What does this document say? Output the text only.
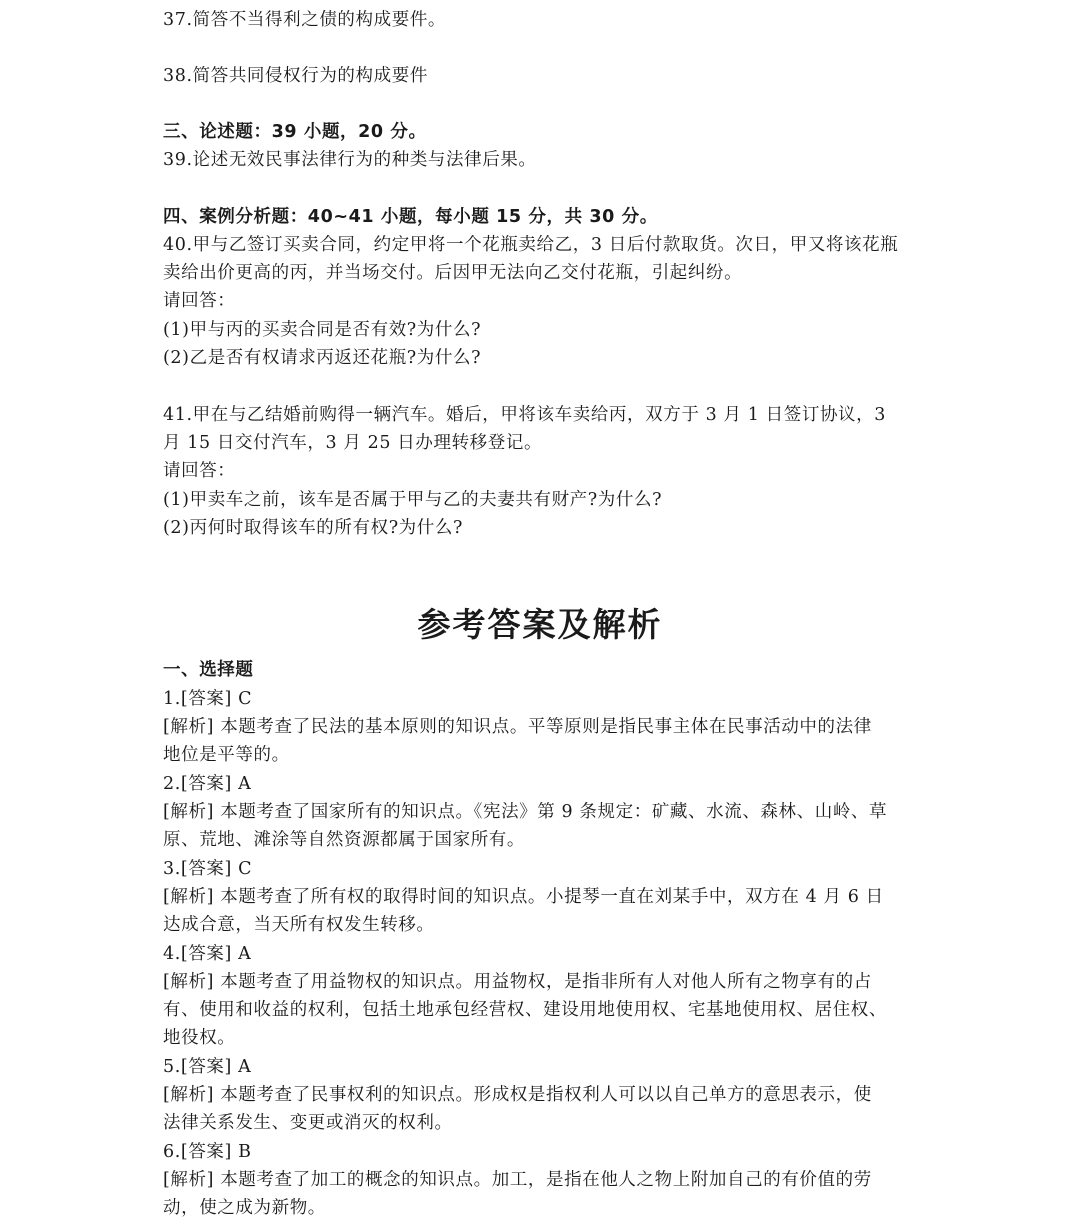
37.简答不当得利之债的构成要件。
38.简答共同侵权行为的构成要件
三、论述题：39 小题，20 分。
39.论述无效民事法律行为的种类与法律后果。
四、案例分析题：40~41 小题，每小题 15 分，共 30 分。
40.甲与乙签订买卖合同，约定甲将一个花瓶卖给乙，3 日后付款取货。次日，甲又将该花瓶
卖给出价更高的丙，并当场交付。后因甲无法向乙交付花瓶，引起纠纷。
请回答：
(1)甲与丙的买卖合同是否有效?为什么?
(2)乙是否有权请求丙返还花瓶?为什么?
41.甲在与乙结婚前购得一辆汽车。婚后，甲将该车卖给丙，双方于 3 月 1 日签订协议，3
月 15 日交付汽车，3 月 25 日办理转移登记。
请回答：
(1)甲卖车之前，该车是否属于甲与乙的夫妻共有财产?为什么?
(2)丙何时取得该车的所有权?为什么?
参考答案及解析
一、选择题
1.[答案] C
[解析] 本题考查了民法的基本原则的知识点。平等原则是指民事主体在民事活动中的法律
地位是平等的。
2.[答案] A
[解析] 本题考查了国家所有的知识点。《宪法》第 9 条规定：矿藏、水流、森林、山岭、草
原、荒地、滩涂等自然资源都属于国家所有。
3.[答案] C
[解析] 本题考查了所有权的取得时间的知识点。小提琴一直在刘某手中，双方在 4 月 6 日
达成合意，当天所有权发生转移。
4.[答案] A
[解析] 本题考查了用益物权的知识点。用益物权，是指非所有人对他人所有之物享有的占
有、使用和收益的权利，包括土地承包经营权、建设用地使用权、宅基地使用权、居住权、
地役权。
5.[答案] A
[解析] 本题考查了民事权利的知识点。形成权是指权利人可以以自己单方的意思表示，使
法律关系发生、变更或消灭的权利。
6.[答案] B
[解析] 本题考查了加工的概念的知识点。加工，是指在他人之物上附加自己的有价值的劳
动，使之成为新物。
